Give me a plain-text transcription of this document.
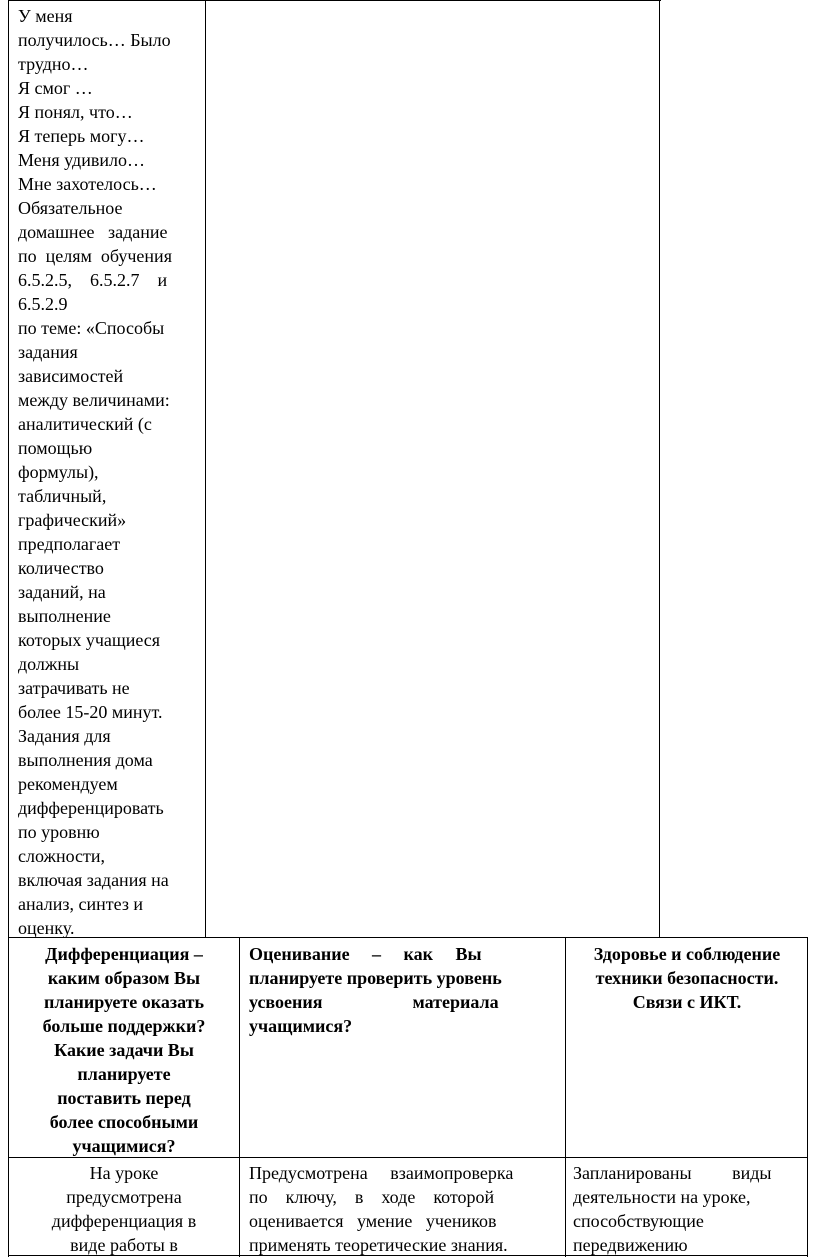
У меня
получилось… Было
трудно…
Я смог …
Я понял, что…
Я теперь могу…
Меня удивило…
Мне захотелось…
Обязательное
домашнее   задание
по  целям  обучения
6.5.2.5,    6.5.2.7    и
6.5.2.9
по теме: «Способы
задания
зависимостей
между величинами:
аналитический (с
помощью
формулы),
табличный,
графический»
предполагает
количество
заданий, на
выполнение
которых учащиеся
должны
затрачивать не
более 15-20 минут.
Задания для
выполнения дома
рекомендуем
дифференцировать
по уровню
сложности,
включая задания на
анализ, синтез и
оценку.
Дифференциация –
каким образом Вы
планируете оказать
больше поддержки?
Какие задачи Вы
планируете
поставить перед
более способными
учащимися?
Оценивание     –     как     Вы
планируете проверить уровень
усвоения                    материала
учащимися?
Здоровье и соблюдение
техники безопасности.
Связи с ИКТ.
На уроке
предусмотрена
дифференциация в
виде работы в
Предусмотрена     взаимопроверка
по    ключу,    в    ходе    которой
оценивается   умение   учеников
применять теоретические знания.
Запланированы         виды
деятельности на уроке,
способствующие
передвижению
